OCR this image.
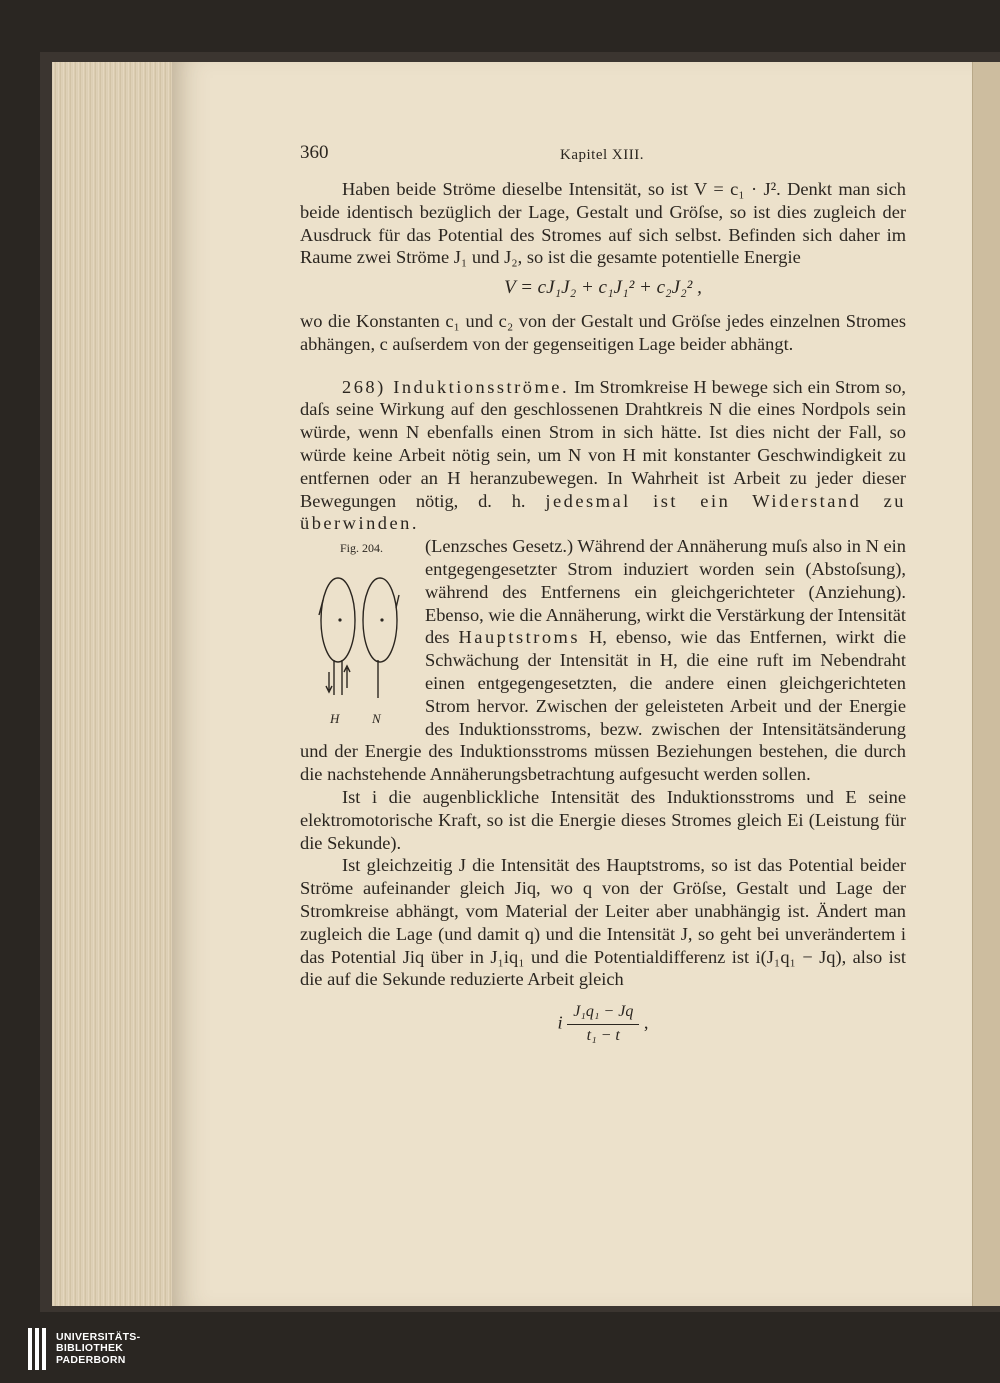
360	Kapitel XIII.

Haben beide Ströme dieselbe Intensität, so ist V = c₁ · J². Denkt man sich beide identisch bezüglich der Lage, Gestalt und Gröſse, so ist dies zugleich der Ausdruck für das Potential des Stromes auf sich selbst. Befinden sich daher im Raume zwei Ströme J₁ und J₂, so ist die gesamte potentielle Energie

V = cJ₁J₂ + c₁J₁² + c₂J₂² ,

wo die Konstanten c₁ und c₂ von der Gestalt und Gröſse jedes einzelnen Stromes abhängen, c auſserdem von der gegenseitigen Lage beider abhängt.

268) Induktionsströme. Im Stromkreise H bewege sich ein Strom so, daſs seine Wirkung auf den geschlossenen Drahtkreis N die eines Nordpols sein würde, wenn N ebenfalls einen Strom in sich hätte. Ist dies nicht der Fall, so würde keine Arbeit nötig sein, um N von H mit konstanter Geschwindigkeit zu entfernen oder an H heranzubewegen. In Wahrheit ist Arbeit zu jeder dieser Bewegungen nötig, d. h. jedesmal ist ein Widerstand zu überwinden.

Fig. 204.
H	N

(Lenzsches Gesetz.) Während der Annäherung muſs also in N ein entgegengesetzter Strom induziert worden sein (Abstoſsung), während des Entfernens ein gleichgerichteter (Anziehung). Ebenso, wie die Annäherung, wirkt die Verstärkung der Intensität des Hauptstroms H, ebenso, wie das Entfernen, wirkt die Schwächung der Intensität in H, die eine ruft im Nebendraht einen entgegengesetzten, die andere einen gleichgerichteten Strom hervor. Zwischen der geleisteten Arbeit und der Energie des Induktionsstroms, bezw. zwischen der Intensitätsänderung und der Energie des Induktionsstroms müssen Beziehungen bestehen, die durch die nachstehende Annäherungsbetrachtung aufgesucht werden sollen.

Ist i die augenblickliche Intensität des Induktionsstroms und E seine elektromotorische Kraft, so ist die Energie dieses Stromes gleich Ei (Leistung für die Sekunde).

Ist gleichzeitig J die Intensität des Hauptstroms, so ist das Potential beider Ströme aufeinander gleich Jiq, wo q von der Gröſse, Gestalt und Lage der Stromkreise abhängt, vom Material der Leiter aber unabhängig ist. Ändert man zugleich die Lage (und damit q) und die Intensität J, so geht bei unverändertem i das Potential Jiq über in J₁iq₁ und die Potentialdifferenz ist i(J₁q₁ − Jq), also ist die auf die Sekunde reduzierte Arbeit gleich

i $\frac{\text{J₁q₁ − Jq}}{\text{t₁ − t}}$ ,
UNIVERSITÄTS-
BIBLIOTHEK
PADERBORN
